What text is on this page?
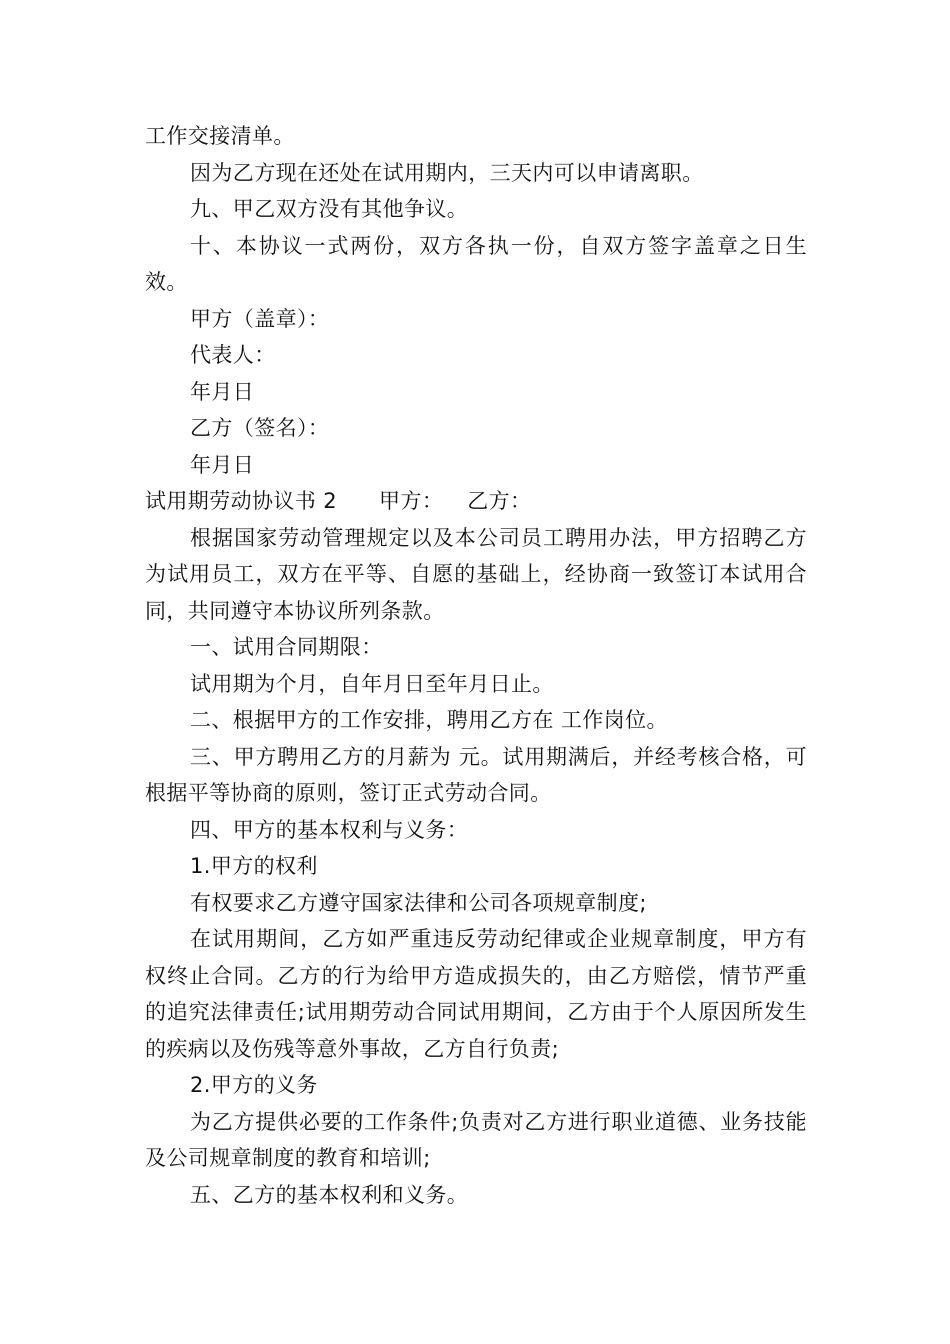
工作交接清单。

因为乙方现在还处在试用期内，三天内可以申请离职。

九、甲乙双方没有其他争议。

十、本协议一式两份，双方各执一份，自双方签字盖章之日生效。

甲方（盖章）：

代表人：

年月日

乙方（签名）：

年月日

试用期劳动协议书 2 甲方： 乙方：

根据国家劳动管理规定以及本公司员工聘用办法，甲方招聘乙方为试用员工，双方在平等、自愿的基础上，经协商一致签订本试用合同，共同遵守本协议所列条款。

一、试用合同期限：

试用期为个月，自年月日至年月日止。

二、根据甲方的工作安排，聘用乙方在 工作岗位。

三、甲方聘用乙方的月薪为 元。试用期满后，并经考核合格，可根据平等协商的原则，签订正式劳动合同。

四、甲方的基本权利与义务：

1.甲方的权利

有权要求乙方遵守国家法律和公司各项规章制度;

在试用期间，乙方如严重违反劳动纪律或企业规章制度，甲方有权终止合同。乙方的行为给甲方造成损失的，由乙方赔偿，情节严重的追究法律责任;试用期劳动合同试用期间，乙方由于个人原因所发生的疾病以及伤残等意外事故，乙方自行负责;

2.甲方的义务

为乙方提供必要的工作条件;负责对乙方进行职业道德、业务技能及公司规章制度的教育和培训;

五、乙方的基本权利和义务。
